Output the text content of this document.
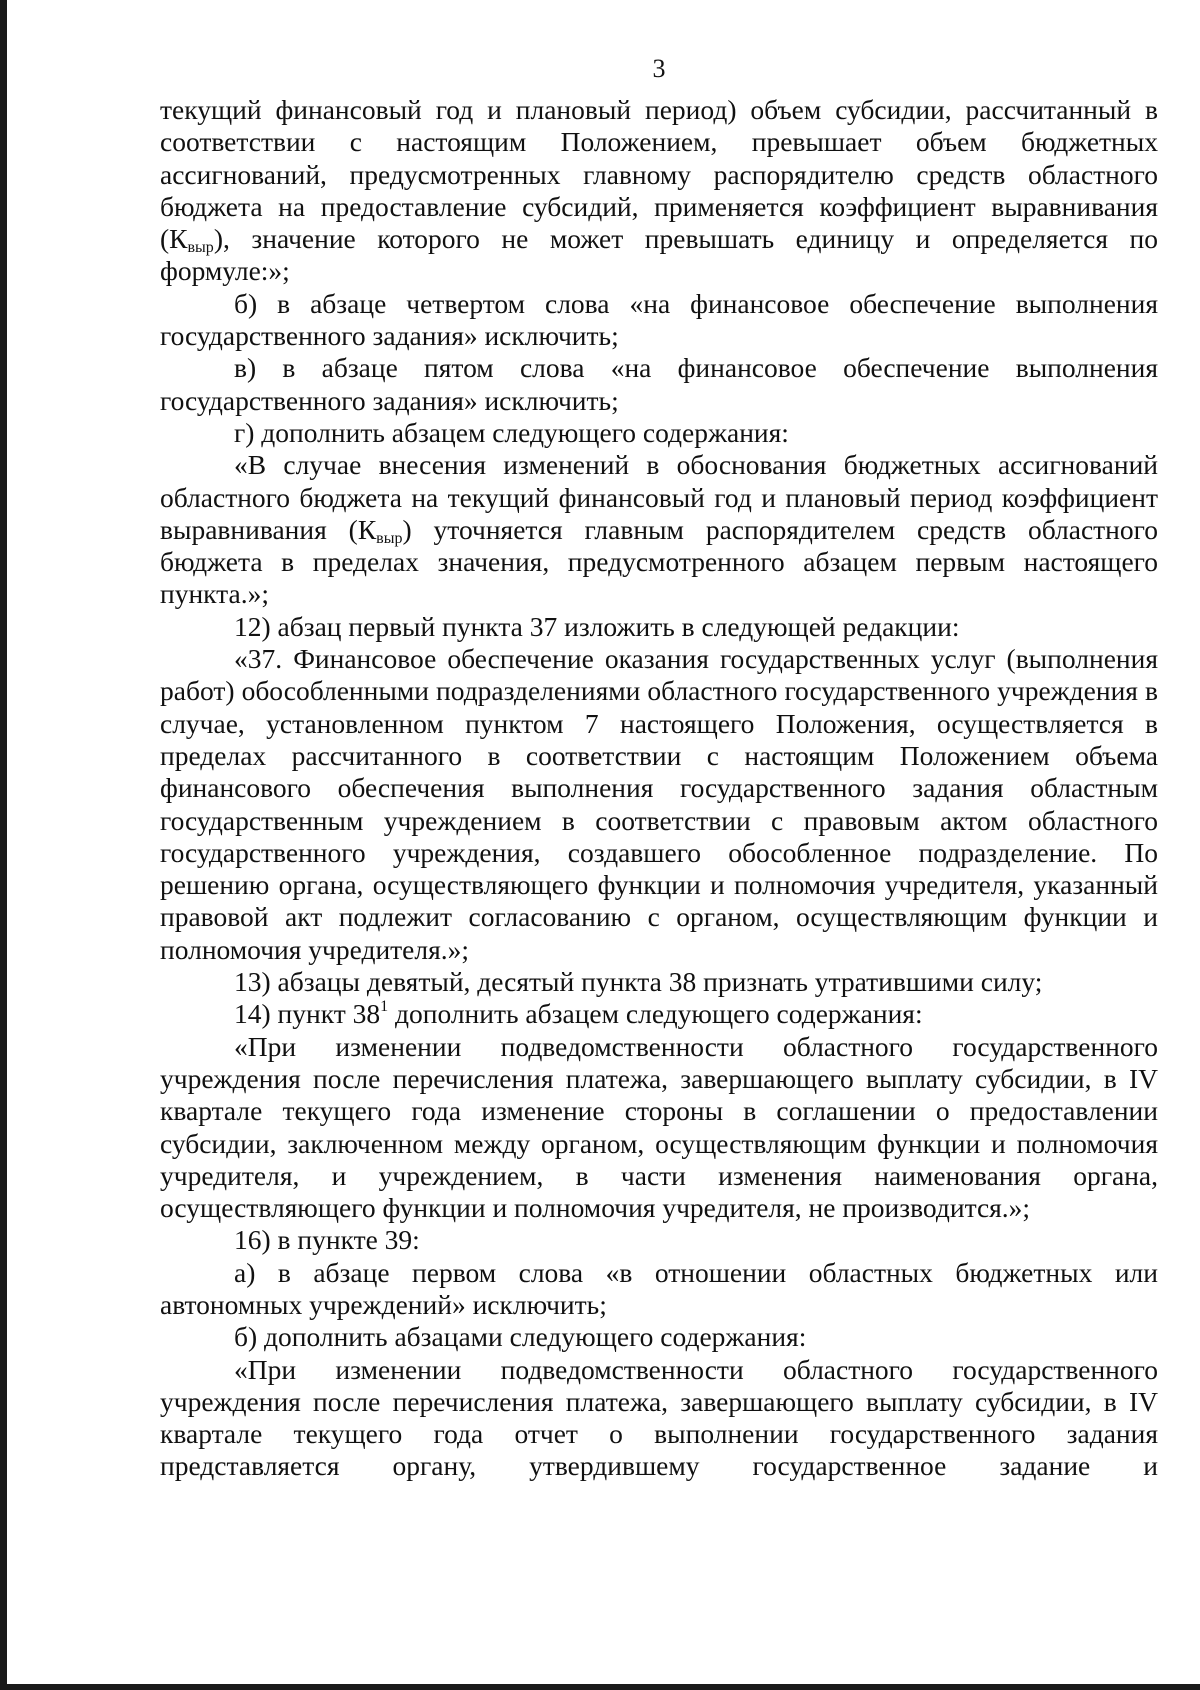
3

текущий финансовый год и плановый период) объем субсидии, рассчитанный в соответствии с настоящим Положением, превышает объем бюджетных ассигнований, предусмотренных главному распорядителю средств областного бюджета на предоставление субсидий, применяется коэффициент выравнивания $(К_{выр})$, значение которого не может превышать единицу и определяется по формуле:»;

б) в абзаце четвертом слова «на финансовое обеспечение выполнения государственного задания» исключить;

в) в абзаце пятом слова «на финансовое обеспечение выполнения государственного задания» исключить;

г) дополнить абзацем следующего содержания:

«В случае внесения изменений в обоснования бюджетных ассигнований областного бюджета на текущий финансовый год и плановый период коэффициент выравнивания $(К_{выр})$ уточняется главным распорядителем средств областного бюджета в пределах значения, предусмотренного абзацем первым настоящего пункта.»;

12) абзац первый пункта 37 изложить в следующей редакции:

«37. Финансовое обеспечение оказания государственных услуг (выполнения работ) обособленными подразделениями областного государственного учреждения в случае, установленном пунктом 7 настоящего Положения, осуществляется в пределах рассчитанного в соответствии с настоящим Положением объема финансового обеспечения выполнения государственного задания областным государственным учреждением в соответствии с правовым актом областного государственного учреждения, создавшего обособленное подразделение. По решению органа, осуществляющего функции и полномочия учредителя, указанный правовой акт подлежит согласованию с органом, осуществляющим функции и полномочия учредителя.»;

13) абзацы девятый, десятый пункта 38 признать утратившими силу;

14) пункт $38^1$ дополнить абзацем следующего содержания:

«При изменении подведомственности областного государственного учреждения после перечисления платежа, завершающего выплату субсидии, в IV квартале текущего года изменение стороны в соглашении о предоставлении субсидии, заключенном между органом, осуществляющим функции и полномочия учредителя, и учреждением, в части изменения наименования органа, осуществляющего функции и полномочия учредителя, не производится.»;

16) в пункте 39:

а) в абзаце первом слова «в отношении областных бюджетных или автономных учреждений» исключить;

б) дополнить абзацами следующего содержания:

«При изменении подведомственности областного государственного учреждения после перечисления платежа, завершающего выплату субсидии, в IV квартале текущего года отчет о выполнении государственного задания представляется органу, утвердившему государственное задание и
